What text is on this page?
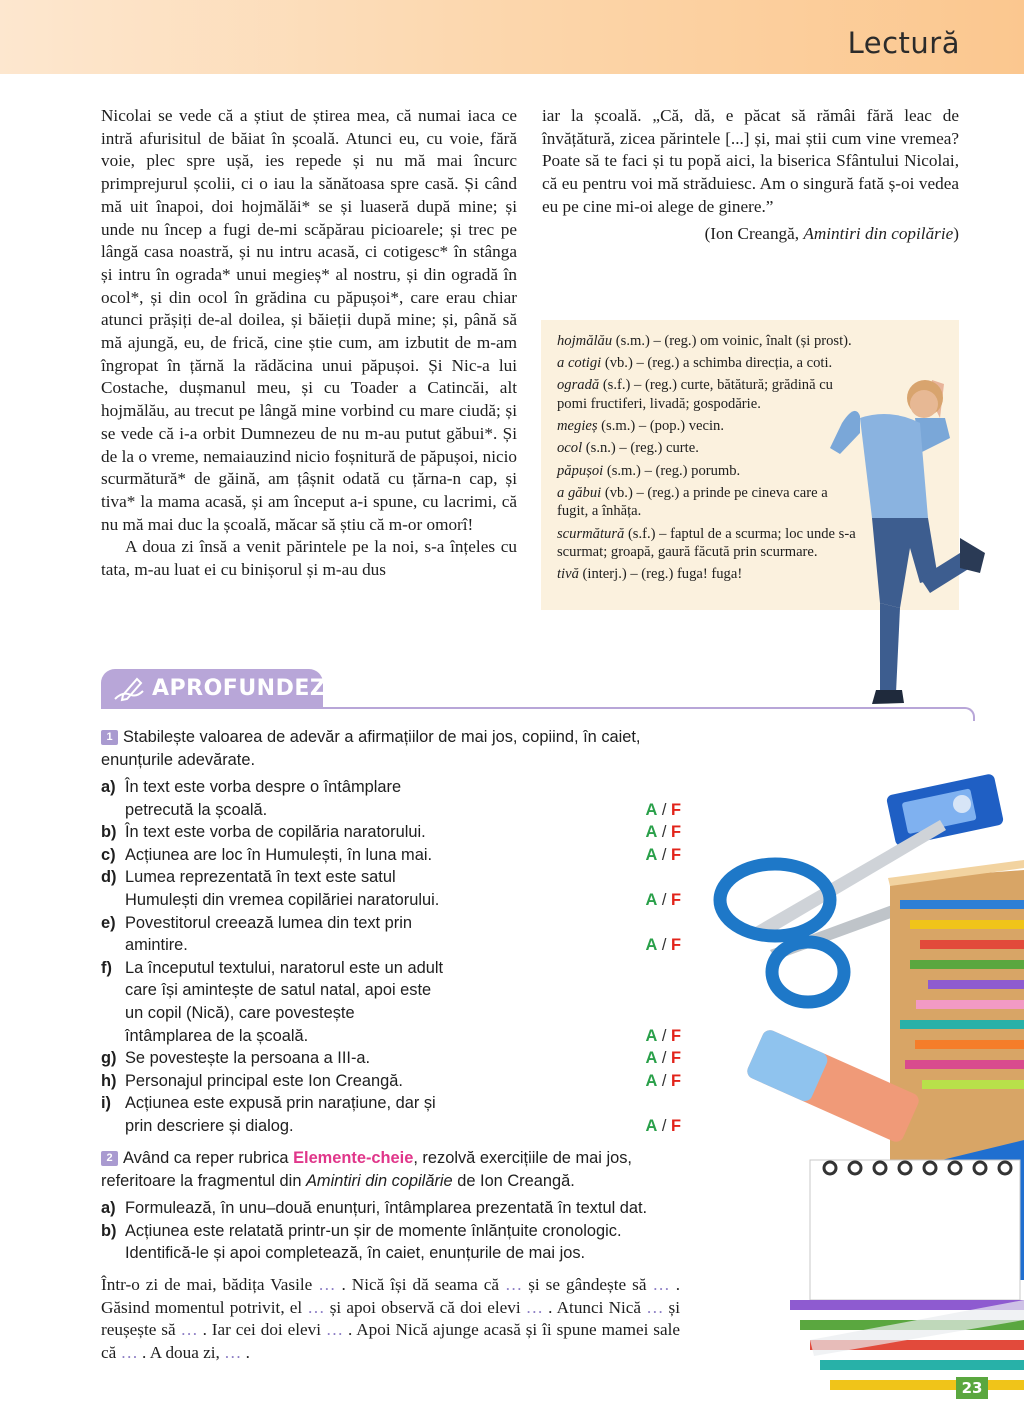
Lectură

Nicolai se vede că a știut de știrea mea, că numai iaca ce intră afurisitul de băiat în școală. Atunci eu, cu voie, fără voie, plec spre ușă, ies repede și nu mă mai încurc primprejurul școlii, ci o iau la sănătoasa spre casă. Și când mă uit înapoi, doi hojmălăi* se și luaseră după mine; și unde nu încep a fugi de-mi scăpărau picioarele; și trec pe lângă casa noastră, și nu intru acasă, ci cotigesc* în stânga și intru în ograda* unui megieș* al nostru, și din ogradă în ocol*, și din ocol în grădina cu păpușoi*, care erau chiar atunci prășiți de-al doilea, și băieții după mine; și, până să mă ajungă, eu, de frică, cine știe cum, am izbutit de m-am îngropat în țărnă la rădăcina unui păpușoi. Și Nic-a lui Costache, dușmanul meu, și cu Toader a Catincăi, alt hojmălău, au trecut pe lângă mine vorbind cu mare ciudă; și se vede că i-a orbit Dumnezeu de nu m-au putut găbui*. Și de la o vreme, nemaiauzind nicio foșnitură de păpușoi, nicio scurmătură* de găină, am țâșnit odată cu țărna-n cap, și tiva* la mama acasă, și am început a-i spune, cu lacrimi, că nu mă mai duc la școală, măcar să știu că m-or omorî!

A doua zi însă a venit părintele pe la noi, s-a înțeles cu tata, m-au luat ei cu binișorul și m-au dus

iar la școală. „Că, dă, e păcat să rămâi fără leac de învățătură, zicea părintele [...] și, mai știi cum vine vremea? Poate să te faci și tu popă aici, la biserica Sfântului Nicolai, că eu pentru voi mă străduiesc. Am o singură fată ș-oi vedea eu pe cine mi-oi alege de ginere.”

(Ion Creangă, Amintiri din copilărie)

hojmălău (s.m.) – (reg.) om voinic, înalt (și prost).
a cotigi (vb.) – (reg.) a schimba direcția, a coti.
ogradă (s.f.) – (reg.) curte, bătătură; grădină cu pomi fructiferi, livadă; gospodărie.
megieș (s.m.) – (pop.) vecin.
ocol (s.n.) – (reg.) curte.
păpușoi (s.m.) – (reg.) porumb.
a găbui (vb.) – (reg.) a prinde pe cineva care a fugit, a înhăța.
scurmătură (s.f.) – faptul de a scurma; loc unde s-a scurmat; groapă, gaură făcută prin scurmare.
tivă (interj.) – (reg.) fuga! fuga!
APROFUNDEZ
1 Stabilește valoarea de adevăr a afirmațiilor de mai jos, copiind, în caiet, enunțurile adevărate.
a) În text este vorba despre o întâmplare petrecută la școală.	A / F
b) În text este vorba de copilăria naratorului.	A / F
c) Acțiunea are loc în Humulești, în luna mai.	A / F
d) Lumea reprezentată în text este satul Humulești din vremea copilăriei naratorului.	A / F
e) Povestitorul creează lumea din text prin amintire.	A / F
f) La începutul textului, naratorul este un adult care își amintește de satul natal, apoi este un copil (Nică), care povestește întâmplarea de la școală.	A / F
g) Se povestește la persoana a III-a.	A / F
h) Personajul principal este Ion Creangă.	A / F
i) Acțiunea este expusă prin narațiune, dar și prin descriere și dialog.	A / F
2 Având ca reper rubrica Elemente-cheie, rezolvă exercițiile de mai jos, referitoare la fragmentul din Amintiri din copilărie de Ion Creangă.
a) Formulează, în unu–două enunțuri, întâmplarea prezentată în textul dat.
b) Acțiunea este relatată printr-un șir de momente înlănțuite cronologic. Identifică-le și apoi completează, în caiet, enunțurile de mai jos.
Într-o zi de mai, bădița Vasile … . Nică își dă seama că … și se gândește să … . Găsind momentul potrivit, el … și apoi observă că doi elevi … . Atunci Nică … și reușește să … . Iar cei doi elevi … . Apoi Nică ajunge acasă și îi spune mamei sale că … . A doua zi, … .
23
